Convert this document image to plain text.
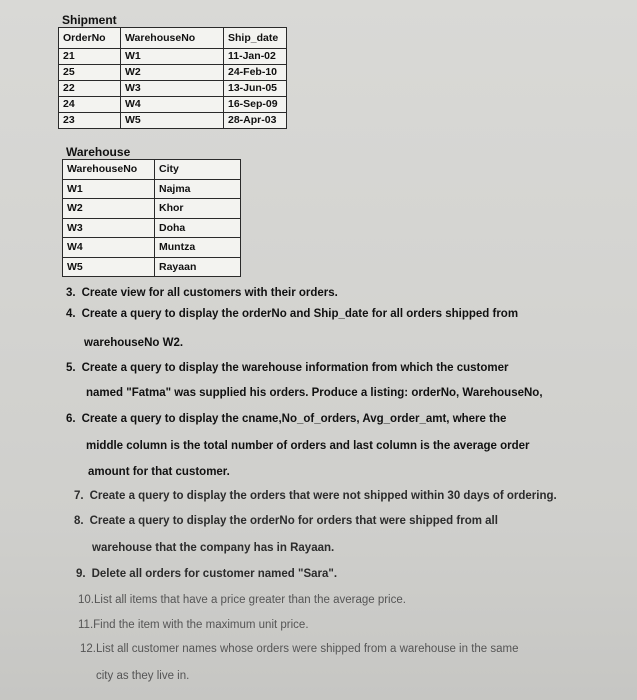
Shipment
OrderNo	WarehouseNo	Ship_date
21	W1	11-Jan-02
25	W2	24-Feb-10
22	W3	13-Jun-05
24	W4	16-Sep-09
23	W5	28-Apr-03
Warehouse
WarehouseNo	City
W1	Najma
W2	Khor
W3	Doha
W4	Muntza
W5	Rayaan
3. Create view for all customers with their orders.
4. Create a query to display the orderNo and Ship_date for all orders shipped from
warehouseNo W2.
5. Create a query to display the warehouse information from which the customer
named "Fatma" was supplied his orders. Produce a listing: orderNo, WarehouseNo,
6. Create a query to display the cname,No_of_orders, Avg_order_amt, where the
middle column is the total number of orders and last column is the average order
amount for that customer.
7. Create a query to display the orders that were not shipped within 30 days of ordering.
8. Create a query to display the orderNo for orders that were shipped from all
warehouse that the company has in Rayaan.
9. Delete all orders for customer named "Sara".
10.List all items that have a price greater than the average price.
11.Find the item with the maximum unit price.
12.List all customer names whose orders were shipped from a warehouse in the same
city as they live in.
